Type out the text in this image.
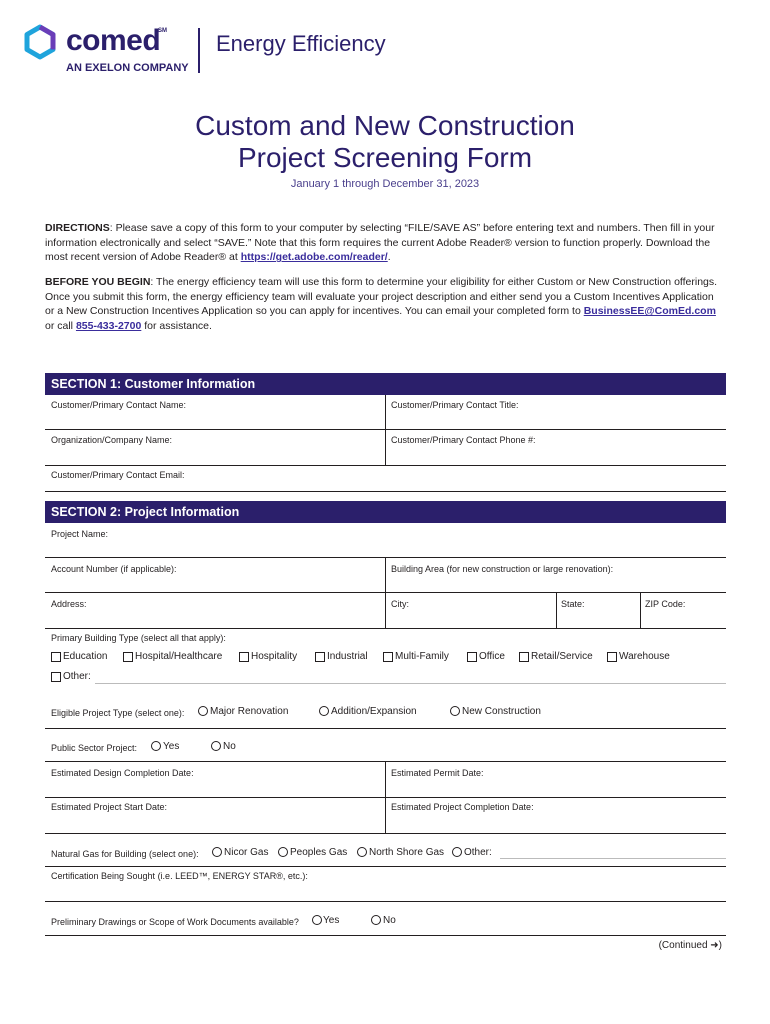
comed
SM
AN EXELON COMPANY
Energy Efficiency
Custom and New Construction
Project Screening Form
January 1 through December 31, 2023
DIRECTIONS: Please save a copy of this form to your computer by selecting “FILE/SAVE AS” before entering text and numbers. Then fill in your information electronically and select “SAVE.” Note that this form requires the current Adobe Reader® version to function properly. Download the most recent version of Adobe Reader® at https://get.adobe.com/reader/.
BEFORE YOU BEGIN: The energy efficiency team will use this form to determine your eligibility for either Custom or New Construction offerings. Once you submit this form, the energy efficiency team will evaluate your project description and either send you a Custom Incentives Application or a New Construction Incentives Application so you can apply for incentives. You can email your completed form to BusinessEE@ComEd.com or call 855-433-2700 for assistance.
SECTION 1: Customer Information
Customer/Primary Contact Name:	Customer/Primary Contact Title:
Organization/Company Name:	Customer/Primary Contact Phone #:
Customer/Primary Contact Email:
SECTION 2: Project Information
Project Name:
Account Number (if applicable):	Building Area (for new construction or large renovation):
Address:	City:	State:	ZIP Code:
Primary Building Type (select all that apply):
Education	Hospital/Healthcare	Hospitality	Industrial	Multi-Family	Office	Retail/Service	Warehouse
Other:
Eligible Project Type (select one):	Major Renovation	Addition/Expansion	New Construction
Public Sector Project:	Yes	No
Estimated Design Completion Date:	Estimated Permit Date:
Estimated Project Start Date:	Estimated Project Completion Date:
Natural Gas for Building (select one):	Nicor Gas Peoples Gas North Shore Gas Other:
Certification Being Sought (i.e. LEED™, ENERGY STAR®, etc.):
Preliminary Drawings or Scope of Work Documents available? Yes	No
(Continued ➜)
